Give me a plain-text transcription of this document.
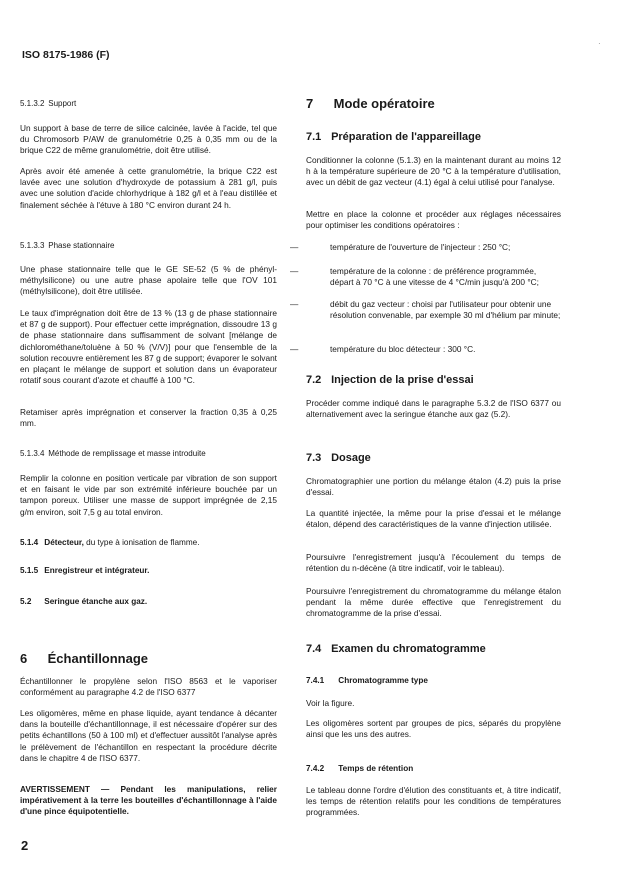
ISO 8175-1986 (F)
·
5.1.3.2 Support

Un support à base de terre de silice calcinée, lavée à l'acide, tel que du Chromosorb P/AW de granulométrie 0,25 à 0,35 mm ou de la brique C22 de même granulométrie, doit être utilisé.

Après avoir été amenée à cette granulométrie, la brique C22 est lavée avec une solution d'hydroxyde de potassium à 281 g/l, puis avec une solution d'acide chlorhydrique à 182 g/l et à l'eau distillée et finalement séchée à l'étuve à 180 °C environ durant 24 h.

5.1.3.3 Phase stationnaire

Une phase stationnaire telle que le GE SE-52 (5 % de phényl-méthylsilicone) ou une autre phase apolaire telle que l'OV 101 (méthylsilicone), doit être utilisée.

Le taux d'imprégnation doit être de 13 % (13 g de phase stationnaire et 87 g de support). Pour effectuer cette imprégnation, dissoudre 13 g de phase stationnaire dans suffisamment de solvant [mélange de dichlorométhane/toluène à 50 % (V/V)] pour que l'ensemble de la solution recouvre entièrement les 87 g de support; évaporer le solvant en plaçant le mélange de support et solution dans un évaporateur rotatif sous courant d'azote et chauffé à 100 °C.

Retamiser après imprégnation et conserver la fraction 0,35 à 0,25 mm.

5.1.3.4 Méthode de remplissage et masse introduite

Remplir la colonne en position verticale par vibration de son support et en faisant le vide par son extrémité inférieure bouchée par un tampon poreux. Utiliser une masse de support imprégnée de 2,15 g/m environ, soit 7,5 g au total environ.

5.1.4 Détecteur, du type à ionisation de flamme.
5.1.5 Enregistreur et intégrateur.
5.2 Seringue étanche aux gaz.
6 Échantillonnage

Échantillonner le propylène selon l'ISO 8563 et le vaporiser conformément au paragraphe 4.2 de l'ISO 6377

Les oligomères, même en phase liquide, ayant tendance à décanter dans la bouteille d'échantillonnage, il est nécessaire d'opérer sur des petits échantillons (50 à 100 ml) et d'effectuer aussitôt l'analyse après le prélèvement de l'échantillon en respectant la procédure décrite dans le chapitre 4 de l'ISO 6377.

AVERTISSEMENT — Pendant les manipulations, relier impérativement à la terre les bouteilles d'échantillonnage à l'aide d'une pince équipotentielle.

7 Mode opératoire
7.1 Préparation de l'appareillage

Conditionner la colonne (5.1.3) en la maintenant durant au moins 12 h à la température supérieure de 20 °C à la température d'utilisation, avec un débit de gaz vecteur (4.1) égal à celui utilisé pour l'analyse.

Mettre en place la colonne et procéder aux réglages nécessaires pour optimiser les conditions opératoires :

—	température de l'ouverture de l'injecteur : 250 °C;
—	température de la colonne : de préférence programmée, départ à 70 °C à une vitesse de 4 °C/min jusqu'à 200 °C;
—	débit du gaz vecteur : choisi par l'utilisateur pour obtenir une résolution convenable, par exemple 30 ml d'hélium par minute;
—	température du bloc détecteur : 300 °C.
7.2 Injection de la prise d'essai

Procéder comme indiqué dans le paragraphe 5.3.2 de l'ISO 6377 ou alternativement avec la seringue étanche aux gaz (5.2).

7.3 Dosage

Chromatographier une portion du mélange étalon (4.2) puis la prise d'essai.

La quantité injectée, la même pour la prise d'essai et le mélange étalon, dépend des caractéristiques de la vanne d'injection utilisée.

Poursuivre l'enregistrement jusqu'à l'écoulement du temps de rétention du n-décène (à titre indicatif, voir le tableau).

Poursuivre l'enregistrement du chromatogramme du mélange étalon pendant la même durée effective que l'enregistrement du chromatogramme de la prise d'essai.

7.4 Examen du chromatogramme
7.4.1 Chromatogramme type

Voir la figure.

Les oligomères sortent par groupes de pics, séparés du propylène ainsi que les uns des autres.

7.4.2 Temps de rétention

Le tableau donne l'ordre d'élution des constituants et, à titre indicatif, les temps de rétention relatifs pour les conditions de températures programmées.

2
